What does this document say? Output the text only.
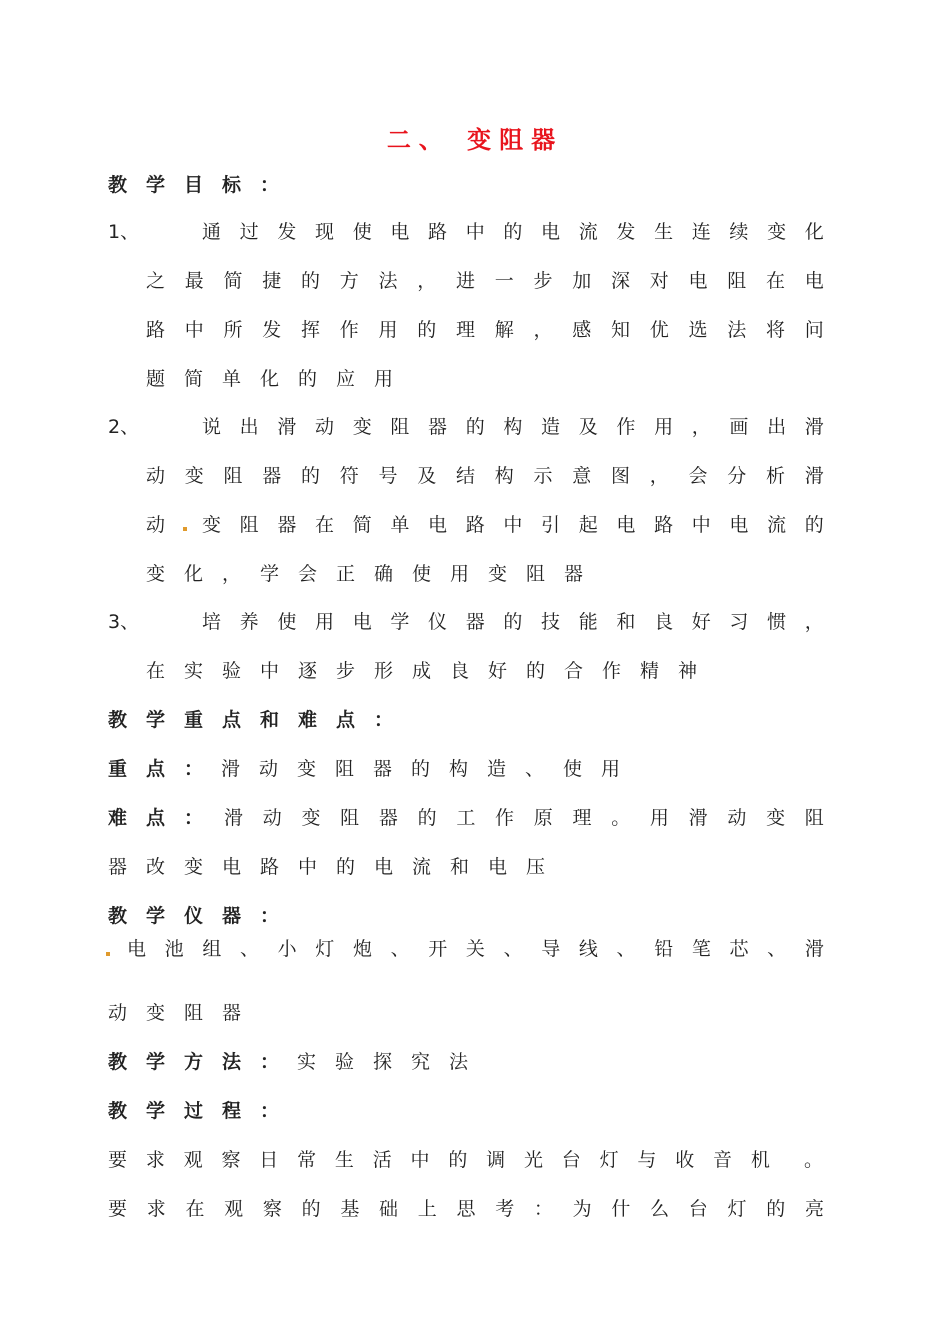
二、 变阻器
教学目标：
1、	通 过 发 现 使 电 路 中 的 电 流 发 生 连 续 变 化
之 最 简 捷 的 方 法 ， 进 一 步 加 深 对 电 阻 在 电
路 中 所 发 挥 作 用 的 理 解 ， 感 知 优 选 法 将 问
题简单化的应用
2、	说 出 滑 动 变 阻 器 的 构 造 及 作 用 ， 画 出 滑
动 变 阻 器 的 符 号 及 结 构 示 意 图 ， 会 分 析 滑
动 变 阻 器 在 简 单 电 路 中 引 起 电 路 中 电 流 的
变化，学会正确使用变阻器
3、	培 养 使 用 电 学 仪 器 的 技 能 和 良 好 习 惯 ，
在实验中逐步形成良好的合作精神
教学重点和难点：
重点：
滑动变阻器的构造、使用
难点： 滑 动 变 阻 器 的 工 作 原 理 。 用 滑 动 变 阻
器改变电路中的电流和电压
教学仪器：
电 池 组 、 小 灯 炮 、 开 关 、 导 线 、 铅 笔 芯 、 滑
动变阻器
教学方法：
实验探究法
教学过程：
要 求 观 察 日 常 生 活 中 的 调 光 台 灯 与 收 音 机 。
要 求 在 观 察 的 基 础 上 思 考 ： 为 什 么 台 灯 的 亮
